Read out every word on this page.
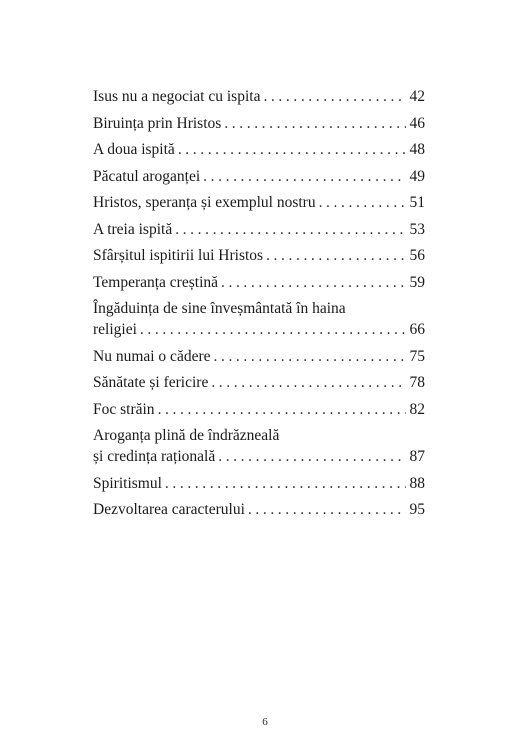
Isus nu a negociat cu ispita .....	42
Biruința prin Hristos .....	46
A doua ispită .....	48
Păcatul aroganței .....	49
Hristos, speranța și exemplul nostru .....	51
A treia ispită .....	53
Sfârșitul ispitirii lui Hristos .....	56
Temperanța creștină .....	59
Îngăduința de sine înveșmântată în haina
religiei .....	66
Nu numai o cădere .....	75
Sănătate și fericire .....	78
Foc străin .....	82
Aroganța plină de îndrăzneală
și credința rațională .....	87
Spiritismul .....	88
Dezvoltarea caracterului .....	95
6
